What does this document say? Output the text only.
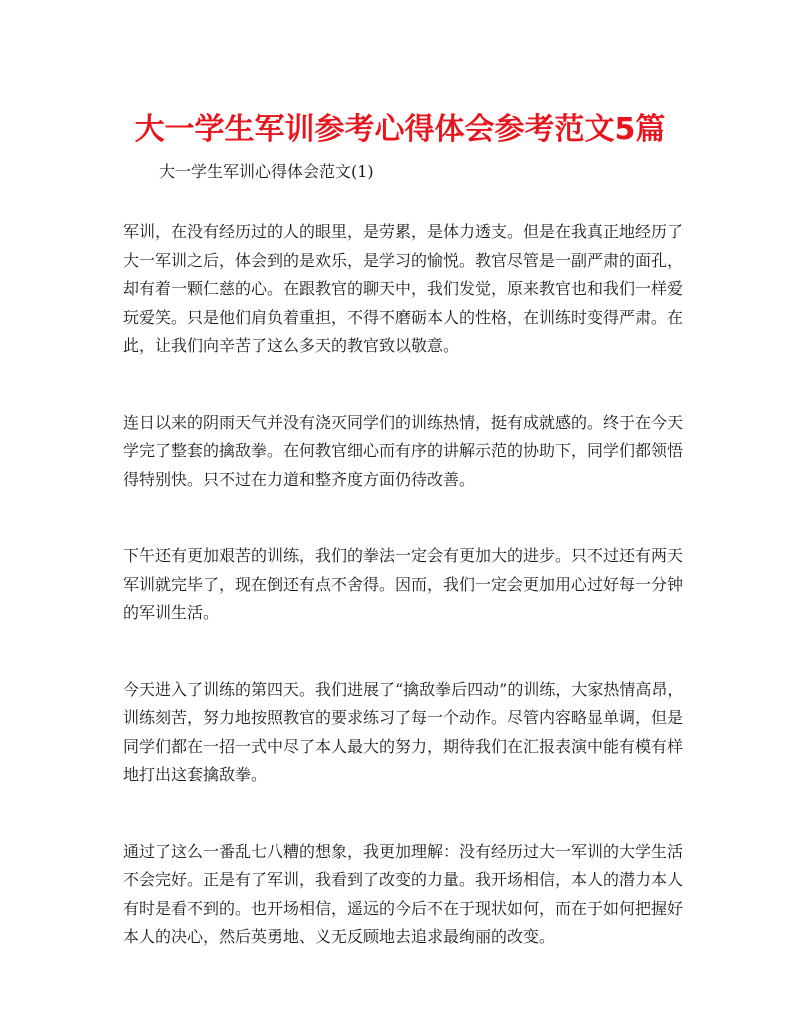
大一学生军训参考心得体会参考范文5篇
大一学生军训心得体会范文(1)
军训，在没有经历过的人的眼里，是劳累，是体力透支。但是在我真正地经历了
大一军训之后，体会到的是欢乐，是学习的愉悦。教官尽管是一副严肃的面孔，
却有着一颗仁慈的心。在跟教官的聊天中，我们发觉，原来教官也和我们一样爱
玩爱笑。只是他们肩负着重担，不得不磨砺本人的性格，在训练时变得严肃。在
此，让我们向辛苦了这么多天的教官致以敬意。
连日以来的阴雨天气并没有浇灭同学们的训练热情，挺有成就感的。终于在今天
学完了整套的擒敌拳。在何教官细心而有序的讲解示范的协助下，同学们都领悟
得特别快。只不过在力道和整齐度方面仍待改善。
下午还有更加艰苦的训练，我们的拳法一定会有更加大的进步。只不过还有两天
军训就完毕了，现在倒还有点不舍得。因而，我们一定会更加用心过好每一分钟
的军训生活。
今天进入了训练的第四天。我们进展了“擒敌拳后四动”的训练，大家热情高昂，
训练刻苦，努力地按照教官的要求练习了每一个动作。尽管内容略显单调，但是
同学们都在一招一式中尽了本人最大的努力，期待我们在汇报表演中能有模有样
地打出这套擒敌拳。
通过了这么一番乱七八糟的想象，我更加理解：没有经历过大一军训的大学生活
不会完好。正是有了军训，我看到了改变的力量。我开场相信，本人的潜力本人
有时是看不到的。也开场相信，遥远的今后不在于现状如何，而在于如何把握好
本人的决心，然后英勇地、义无反顾地去追求最绚丽的改变。
